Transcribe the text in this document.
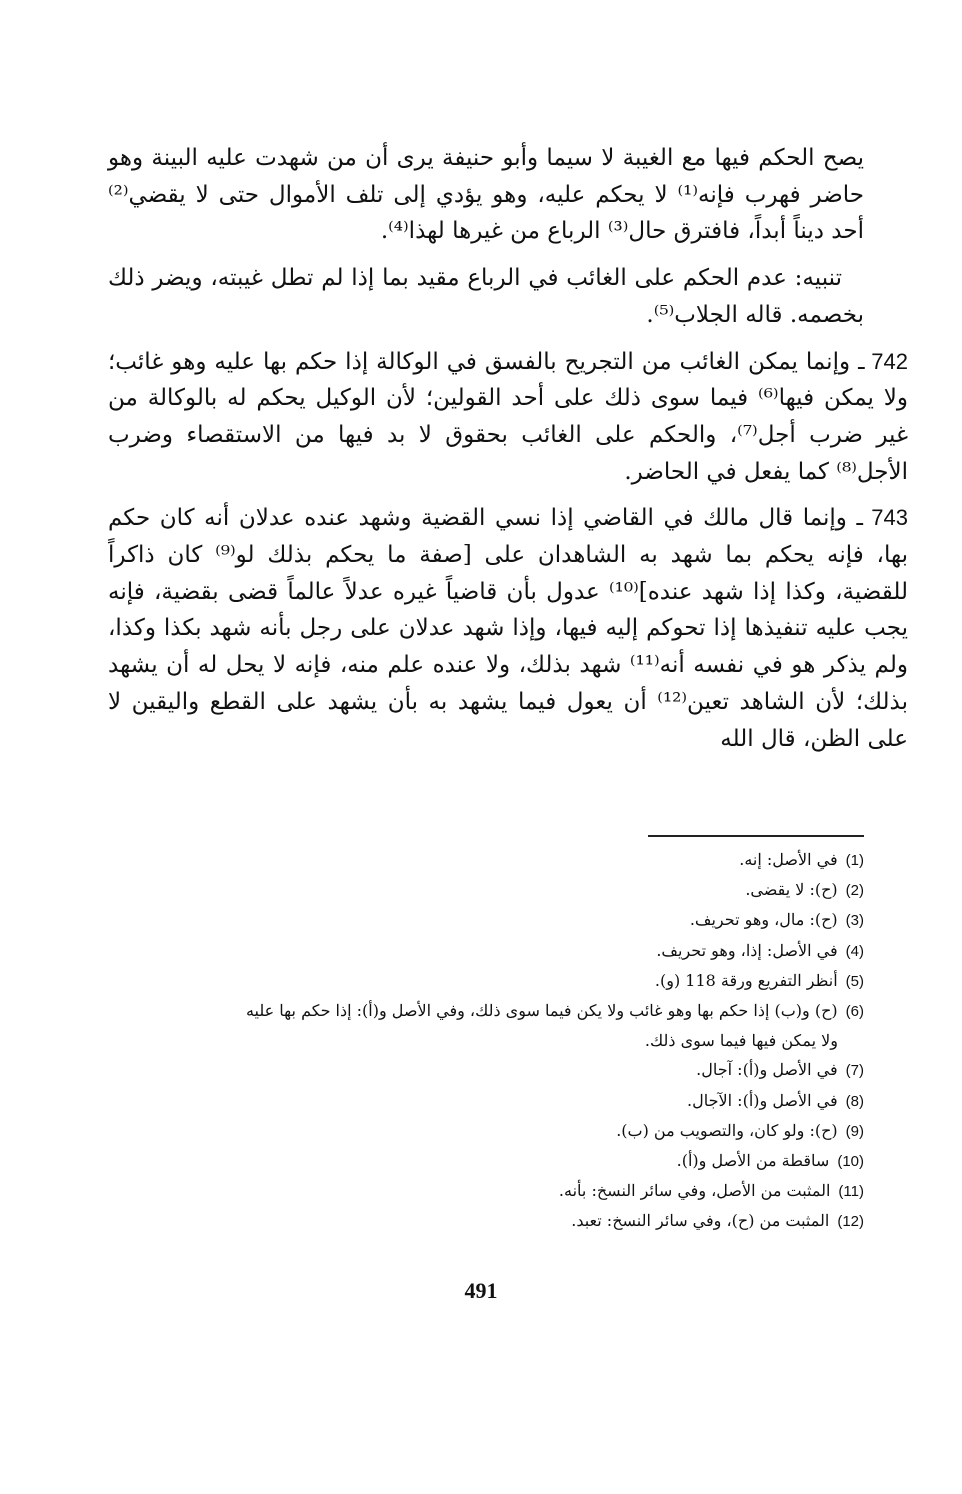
يصح الحكم فيها مع الغيبة لا سيما وأبو حنيفة يرى أن من شهدت عليه البينة وهو حاضر فهرب فإنه⁽¹⁾ لا يحكم عليه، وهو يؤدي إلى تلف الأموال حتى لا يقضي⁽²⁾ أحد ديناً أبداً، فافترق حال⁽³⁾ الرباع من غيرها لهذا⁽⁴⁾.

تنبيه: عدم الحكم على الغائب في الرباع مقيد بما إذا لم تطل غيبته، ويضر ذلك بخصمه. قاله الجلاب⁽⁵⁾.

742 ـ وإنما يمكن الغائب من التجريح بالفسق في الوكالة إذا حكم بها عليه وهو غائب؛ ولا يمكن فيها⁽⁶⁾ فيما سوى ذلك على أحد القولين؛ لأن الوكيل يحكم له بالوكالة من غير ضرب أجل⁽⁷⁾، والحكم على الغائب بحقوق لا بد فيها من الاستقصاء وضرب الأجل⁽⁸⁾ كما يفعل في الحاضر.

743 ـ وإنما قال مالك في القاضي إذا نسي القضية وشهد عنده عدلان أنه كان حكم بها، فإنه يحكم بما شهد به الشاهدان على [صفة ما يحكم بذلك لو⁽⁹⁾ كان ذاكراً للقضية، وكذا إذا شهد عنده]⁽¹⁰⁾ عدول بأن قاضياً غيره عدلاً عالماً قضى بقضية، فإنه يجب عليه تنفيذها إذا تحوكم إليه فيها، وإذا شهد عدلان على رجل بأنه شهد بكذا وكذا، ولم يذكر هو في نفسه أنه⁽¹¹⁾ شهد بذلك، ولا عنده علم منه، فإنه لا يحل له أن يشهد بذلك؛ لأن الشاهد تعين⁽¹²⁾ أن يعول فيما يشهد به بأن يشهد على القطع واليقين لا على الظن، قال الله

(1)في الأصل: إنه.
(2)(ح): لا يقضى.
(3)(ح): مال، وهو تحريف.
(4)في الأصل: إذا، وهو تحريف.
(5)أنظر التفريع ورقة 118 (و).
(6)(ح) و(ب) إذا حكم بها وهو غائب ولا يكن فيما سوى ذلك، وفي الأصل و(أ): إذا حكم بها عليه
ولا يمكن فيها فيما سوى ذلك.
(7)في الأصل و(أ): آجال.
(8)في الأصل و(أ): الآجال.
(9)(ح): ولو كان، والتصويب من (ب).
(10)ساقطة من الأصل و(أ).
(11)المثبت من الأصل، وفي سائر النسخ: بأنه.
(12)المثبت من (ح)، وفي سائر النسخ: تعبد.
491
